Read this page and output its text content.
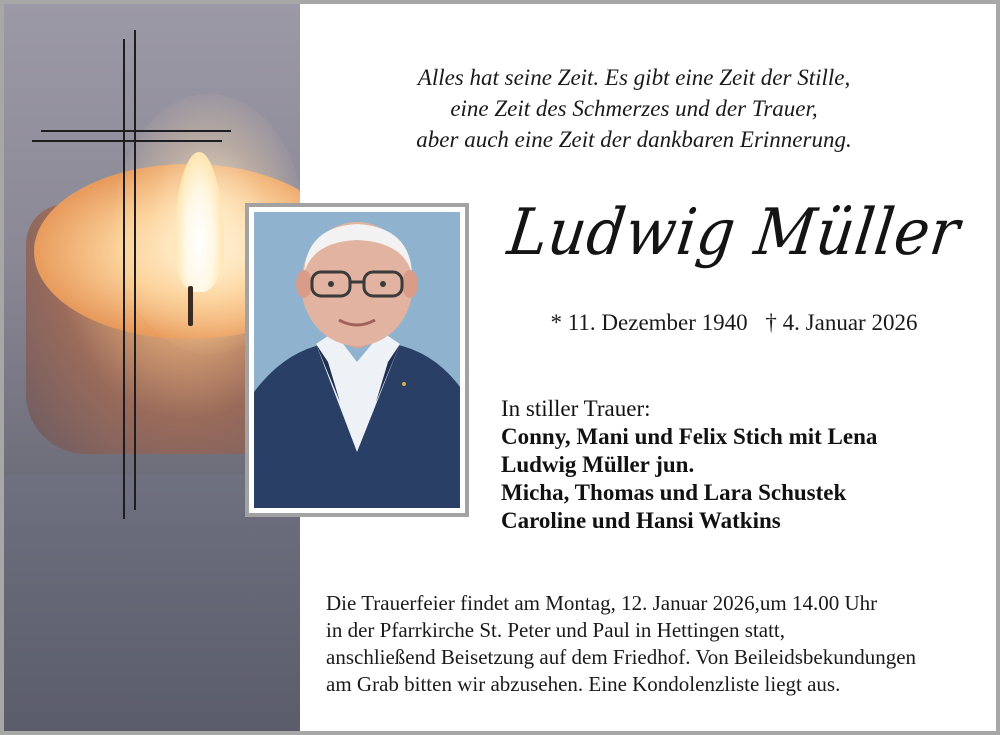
Alles hat seine Zeit. Es gibt eine Zeit der Stille,
eine Zeit des Schmerzes und der Trauer,
aber auch eine Zeit der dankbaren Erinnerung.
Ludwig Müller
* 11. Dezember 1940 † 4. Januar 2026
In stiller Trauer:
Conny, Mani und Felix Stich mit Lena
Ludwig Müller jun.
Micha, Thomas und Lara Schustek
Caroline und Hansi Watkins
Die Trauerfeier findet am Montag, 12. Januar 2026,um 14.00 Uhr
in der Pfarrkirche St. Peter und Paul in Hettingen statt,
anschließend Beisetzung auf dem Friedhof. Von Beileidsbekundungen
am Grab bitten wir abzusehen. Eine Kondolenzliste liegt aus.
